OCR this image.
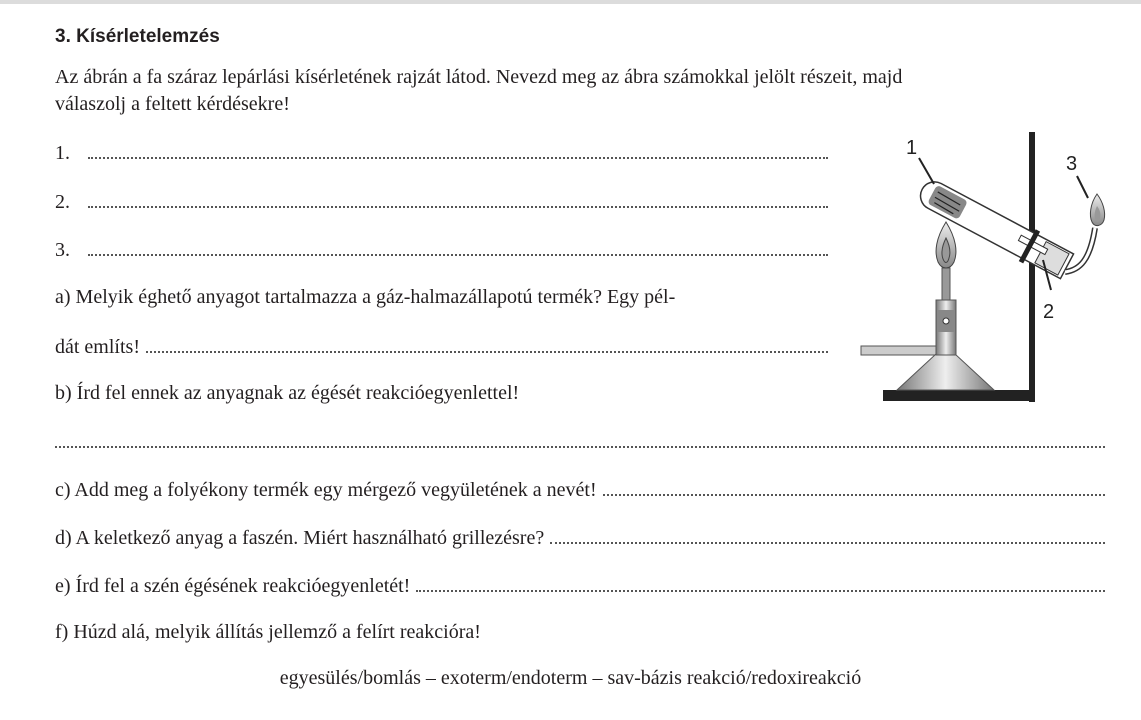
3. Kísérletelemzés
Az ábrán a fa száraz lepárlási kísérletének rajzát látod. Nevezd meg az ábra számokkal jelölt részeit, majd
válaszolj a feltett kérdésekre!
1.
2.
3.
a) Melyik éghető anyagot tartalmazza a gáz-halmazállapotú termék? Egy pél-
dát említs!
b) Írd fel ennek az anyagnak az égését reakcióegyenlettel!
c) Add meg a folyékony termék egy mérgező vegyületének a nevét!
d) A keletkező anyag a faszén. Miért használható grillezésre?
e) Írd fel a szén égésének reakcióegyenletét!
f) Húzd alá, melyik állítás jellemző a felírt reakcióra!
egyesülés/bomlás – exoterm/endoterm – sav-bázis reakció/redoxireakció
1
2
3
